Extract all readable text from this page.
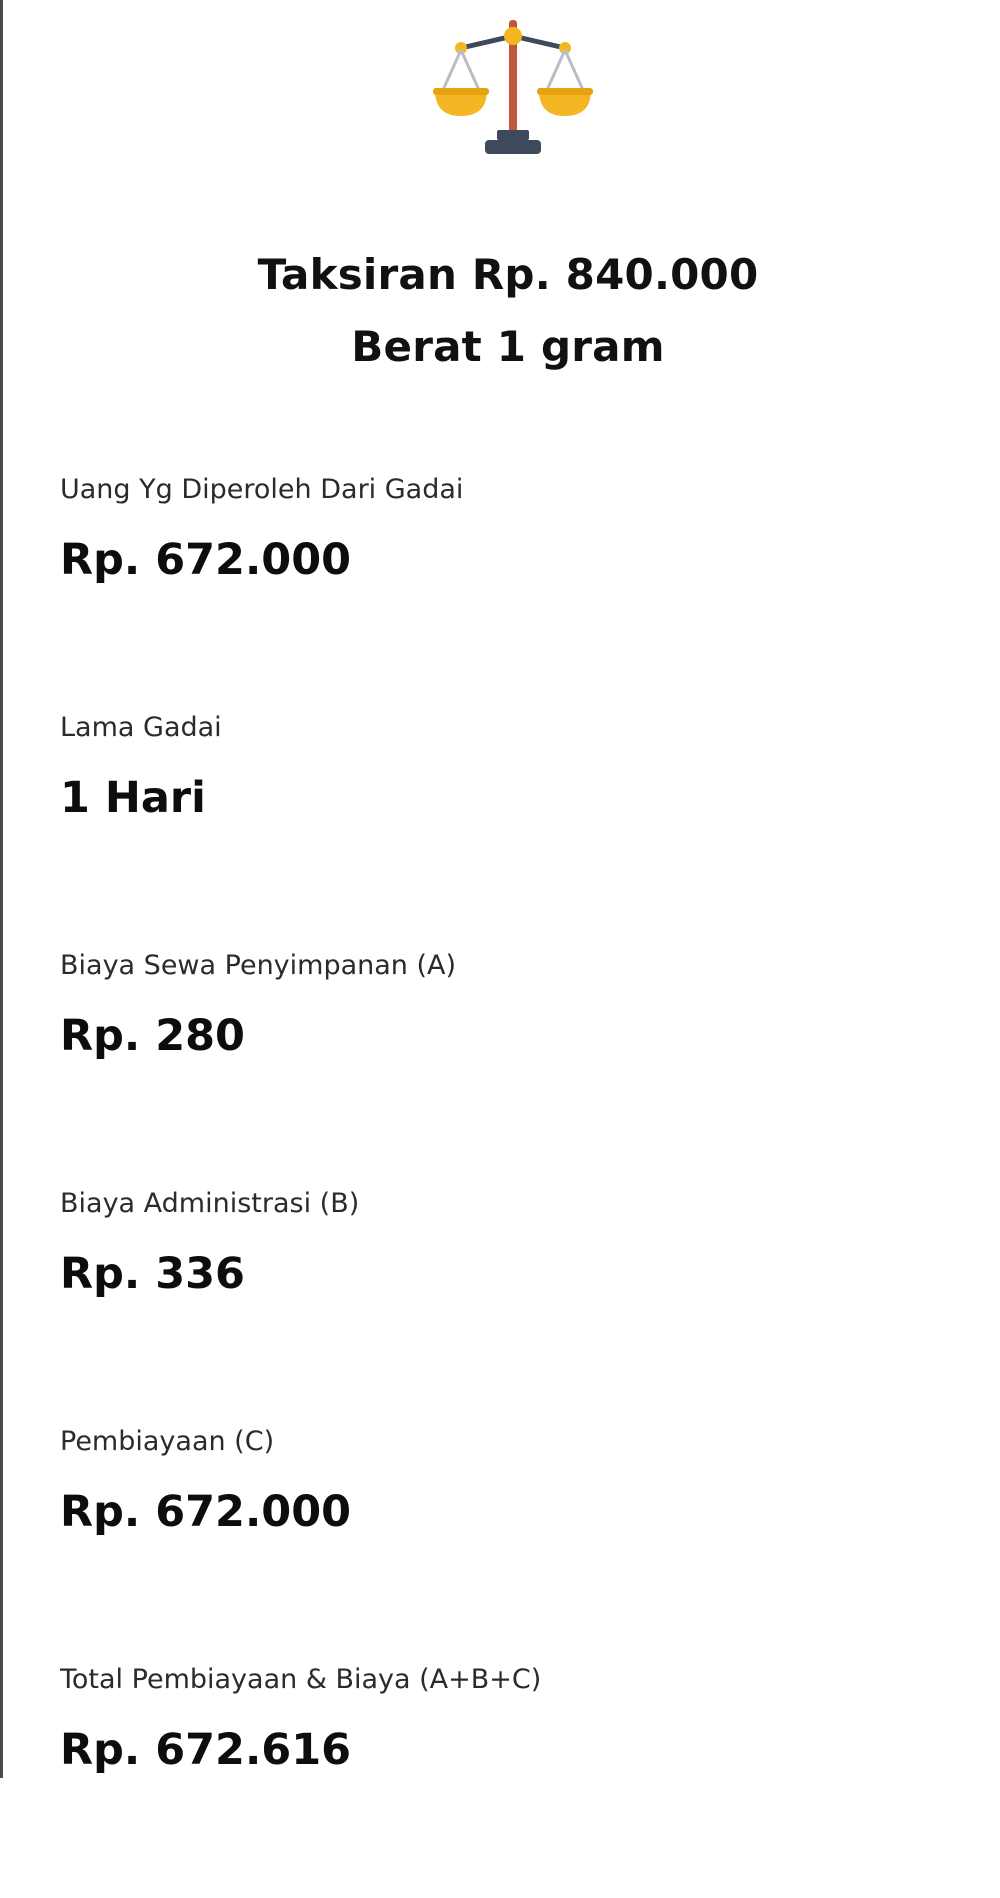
Taksiran Rp. 840.000
Berat 1 gram
Uang Yg Diperoleh Dari Gadai
Rp. 672.000
Lama Gadai
1 Hari
Biaya Sewa Penyimpanan (A)
Rp. 280
Biaya Administrasi (B)
Rp. 336
Pembiayaan (C)
Rp. 672.000
Total Pembiayaan & Biaya (A+B+C)
Rp. 672.616
